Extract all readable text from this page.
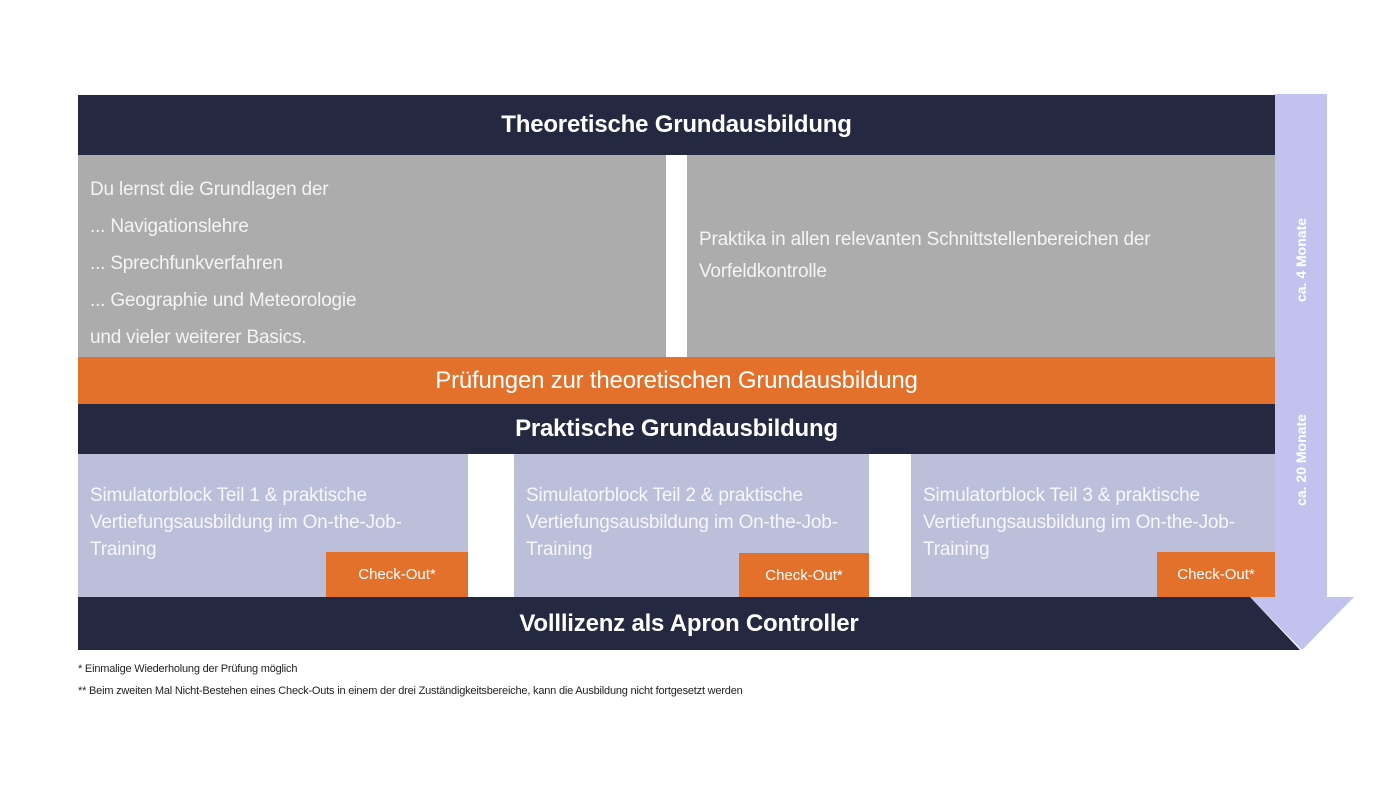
Theoretische Grundausbildung
Du lernst die Grundlagen der
... Navigationslehre
... Sprechfunkverfahren
... Geographie und Meteorologie
und vieler weiterer Basics.
Praktika in allen relevanten Schnittstellenbereichen der Vorfeldkontrolle
Prüfungen zur theoretischen Grundausbildung
Praktische Grundausbildung
Simulatorblock Teil 1 & praktische Vertiefungsausbildung im On-the-Job-Training
Check-Out*
Simulatorblock Teil 2 & praktische Vertiefungsausbildung im On-the-Job-Training
Check-Out*
Simulatorblock Teil 3 & praktische Vertiefungsausbildung im On-the-Job-Training
Check-Out*
Volllizenz als Apron Controller
ca. 4 Monate
ca. 20 Monate
* Einmalige Wiederholung der Prüfung möglich
** Beim zweiten Mal Nicht-Bestehen eines Check-Outs in einem der drei Zuständigkeitsbereiche, kann die Ausbildung nicht fortgesetzt werden
